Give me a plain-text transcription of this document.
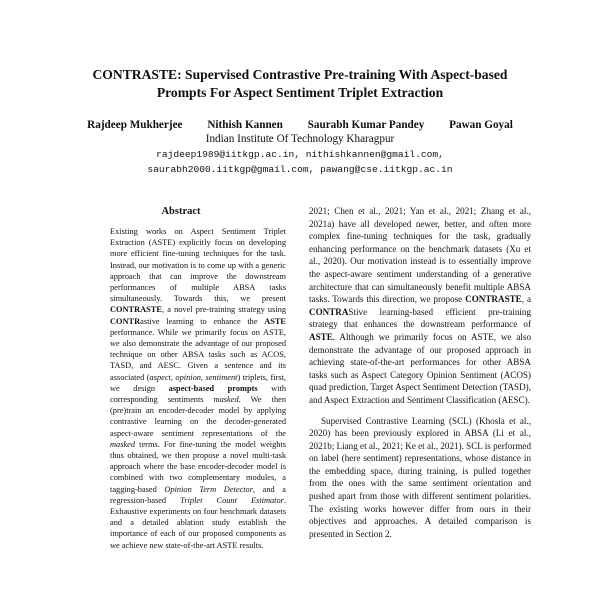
CONTRASTE: Supervised Contrastive Pre-training With Aspect-based
Prompts For Aspect Sentiment Triplet Extraction
Rajdeep Mukherjee Nithish Kannen Saurabh Kumar Pandey Pawan Goyal
Indian Institute Of Technology Kharagpur
rajdeep1989@iitkgp.ac.in, nithishkannen@gmail.com,
saurabh2000.iitkgp@gmail.com, pawang@cse.iitkgp.ac.in
Abstract
Existing works on Aspect Sentiment Triplet Extraction (ASTE) explicitly focus on developing more efficient fine-tuning techniques for the task. Instead, our motivation is to come up with a generic approach that can improve the downstream performances of multiple ABSA tasks simultaneously. Towards this, we present CONTRASTE, a novel pre-training strategy using CONTRastive learning to enhance the ASTE performance. While we primarily focus on ASTE, we also demonstrate the advantage of our proposed technique on other ABSA tasks such as ACOS, TASD, and AESC. Given a sentence and its associated (aspect, opinion, sentiment) triplets, first, we design aspect-based prompts with corresponding sentiments masked. We then (pre)train an encoder-decoder model by applying contrastive learning on the decoder-generated aspect-aware sentiment representations of the masked terms. For fine-tuning the model weights thus obtained, we then propose a novel multi-task approach where the base encoder-decoder model is combined with two complementary modules, a tagging-based Opinion Term Detector, and a regression-based Triplet Count Estimator. Exhaustive experiments on four benchmark datasets and a detailed ablation study establish the importance of each of our proposed components as we achieve new state-of-the-art ASTE results.

2021; Chen et al., 2021; Yan et al., 2021; Zhang et al., 2021a) have all developed newer, better, and often more complex fine-tuning techniques for the task, gradually enhancing performance on the benchmark datasets (Xu et al., 2020). Our motivation instead is to essentially improve the aspect-aware sentiment understanding of a generative architecture that can simultaneously benefit multiple ABSA tasks. Towards this direction, we propose CONTRASTE, a CONTRAStive learning-based efficient pre-training strategy that enhances the downstream performance of ASTE. Although we primarily focus on ASTE, we also demonstrate the advantage of our proposed approach in achieving state-of-the-art performances for other ABSA tasks such as Aspect Category Opinion Sentiment (ACOS) quad prediction, Target Aspect Sentiment Detection (TASD), and Aspect Extraction and Sentiment Classification (AESC).

Supervised Contrastive Learning (SCL) (Khosla et al., 2020) has been previously explored in ABSA (Li et al., 2021b; Liang et al., 2021; Ke et al., 2021). SCL is performed on label (here sentiment) representations, whose distance in the embedding space, during training, is pulled together from the ones with the same sentiment orientation and pushed apart from those with different sentiment polarities. The existing works however differ from ours in their objectives and approaches. A detailed comparison is presented in Section 2.
